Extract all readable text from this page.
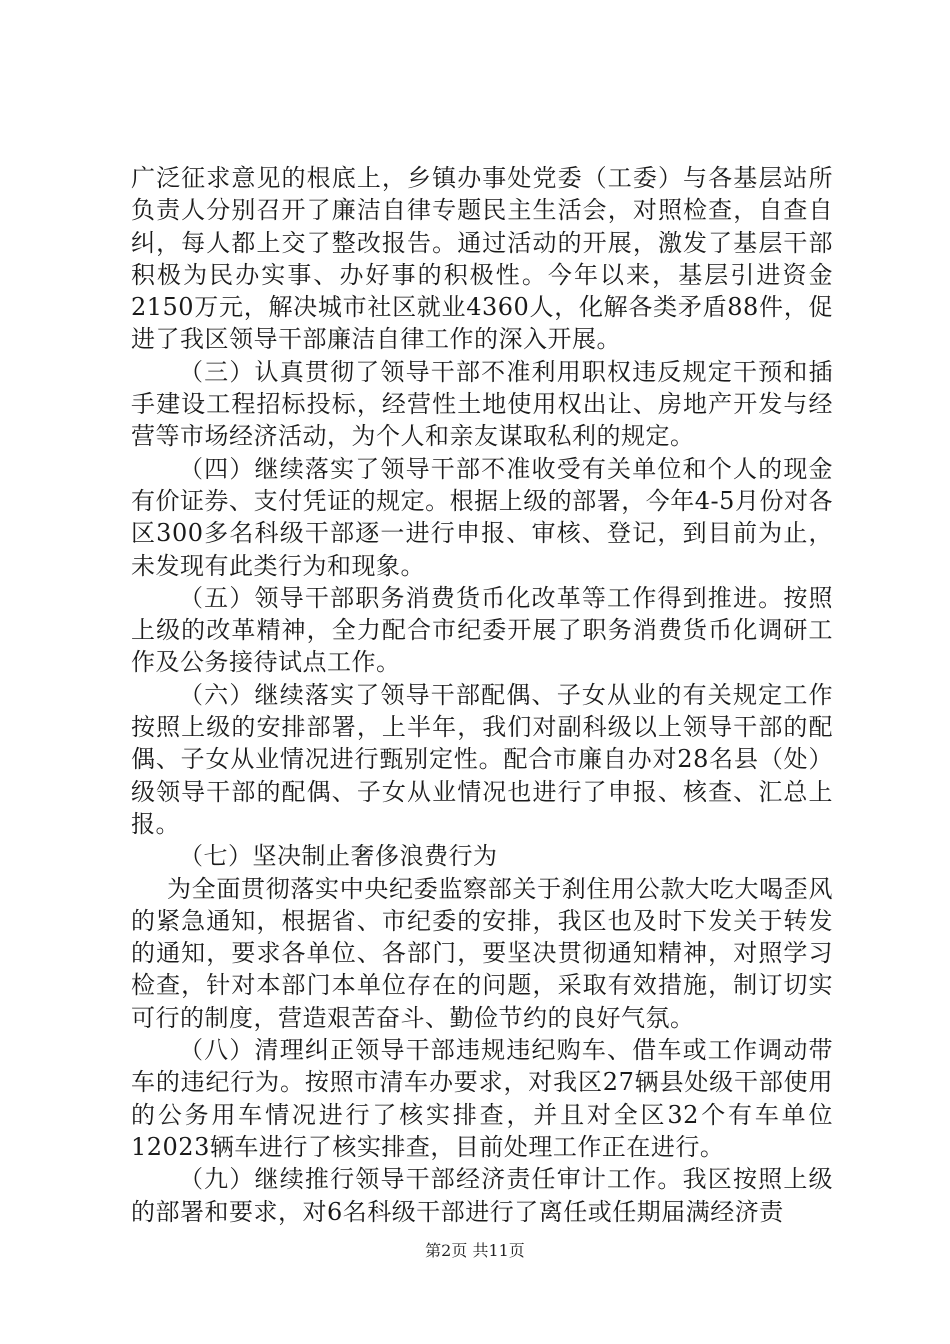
广泛征求意见的根底上，乡镇办事处党委（工委）与各基层站所负责人分别召开了廉洁自律专题民主生活会，对照检查，自查自纠，每人都上交了整改报告。通过活动的开展，激发了基层干部积极为民办实事、办好事的积极性。今年以来，基层引进资金2150万元，解决城市社区就业4360人，化解各类矛盾88件，促进了我区领导干部廉洁自律工作的深入开展。

（三）认真贯彻了领导干部不准利用职权违反规定干预和插手建设工程招标投标，经营性土地使用权出让、房地产开发与经营等市场经济活动，为个人和亲友谋取私利的规定。

（四）继续落实了领导干部不准收受有关单位和个人的现金有价证券、支付凭证的规定。根据上级的部署，今年4-5月份对各区300多名科级干部逐一进行申报、审核、登记，到目前为止，未发现有此类行为和现象。

（五）领导干部职务消费货币化改革等工作得到推进。按照上级的改革精神，全力配合市纪委开展了职务消费货币化调研工作及公务接待试点工作。

（六）继续落实了领导干部配偶、子女从业的有关规定工作按照上级的安排部署，上半年，我们对副科级以上领导干部的配偶、子女从业情况进行甄别定性。配合市廉自办对28名县（处）级领导干部的配偶、子女从业情况也进行了申报、核查、汇总上报。

（七）坚决制止奢侈浪费行为

为全面贯彻落实中央纪委监察部关于刹住用公款大吃大喝歪风的紧急通知，根据省、市纪委的安排，我区也及时下发关于转发的通知，要求各单位、各部门，要坚决贯彻通知精神，对照学习检查，针对本部门本单位存在的问题，采取有效措施，制订切实可行的制度，营造艰苦奋斗、勤俭节约的良好气氛。

（八）清理纠正领导干部违规违纪购车、借车或工作调动带车的违纪行为。按照市清车办要求，对我区27辆县处级干部使用的公务用车情况进行了核实排查，并且对全区32个有车单位12023辆车进行了核实排查，目前处理工作正在进行。

（九）继续推行领导干部经济责任审计工作。我区按照上级的部署和要求，对6名科级干部进行了离任或任期届满经济责

第2页 共11页
